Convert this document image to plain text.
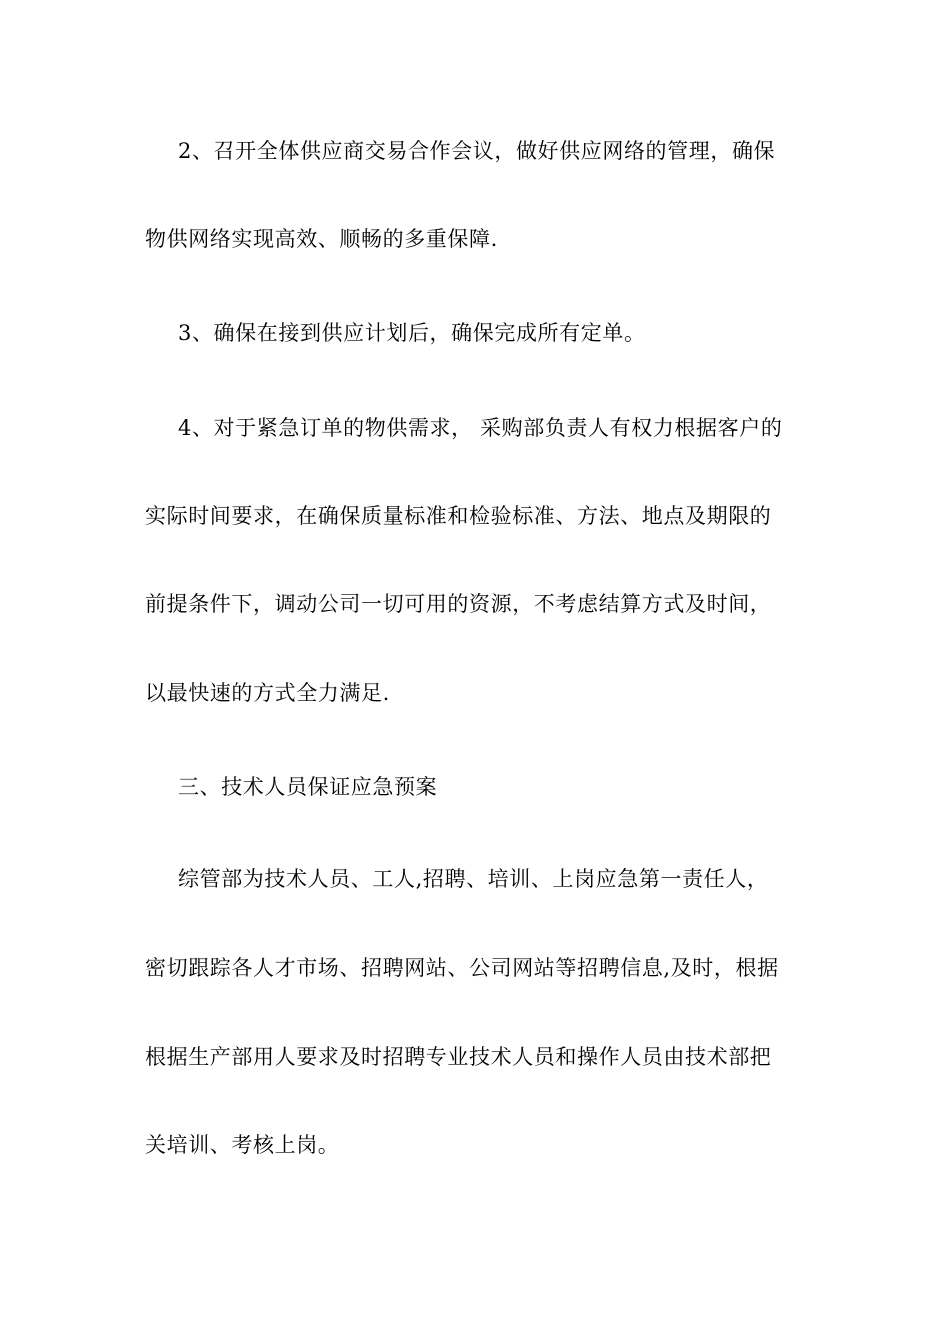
2、召开全体供应商交易合作会议，做好供应网络的管理，确保
物供网络实现高效、顺畅的多重保障.
3、确保在接到供应计划后，确保完成所有定单。
4、对于紧急订单的物供需求， 采购部负责人有权力根据客户的
实际时间要求，在确保质量标准和检验标准、方法、地点及期限的
前提条件下，调动公司一切可用的资源，不考虑结算方式及时间，
以最快速的方式全力满足.
三、技术人员保证应急预案
综管部为技术人员、工人,招聘、培训、上岗应急第一责任人，
密切跟踪各人才市场、招聘网站、公司网站等招聘信息,及时，根据
根据生产部用人要求及时招聘专业技术人员和操作人员由技术部把
关培训、考核上岗。
